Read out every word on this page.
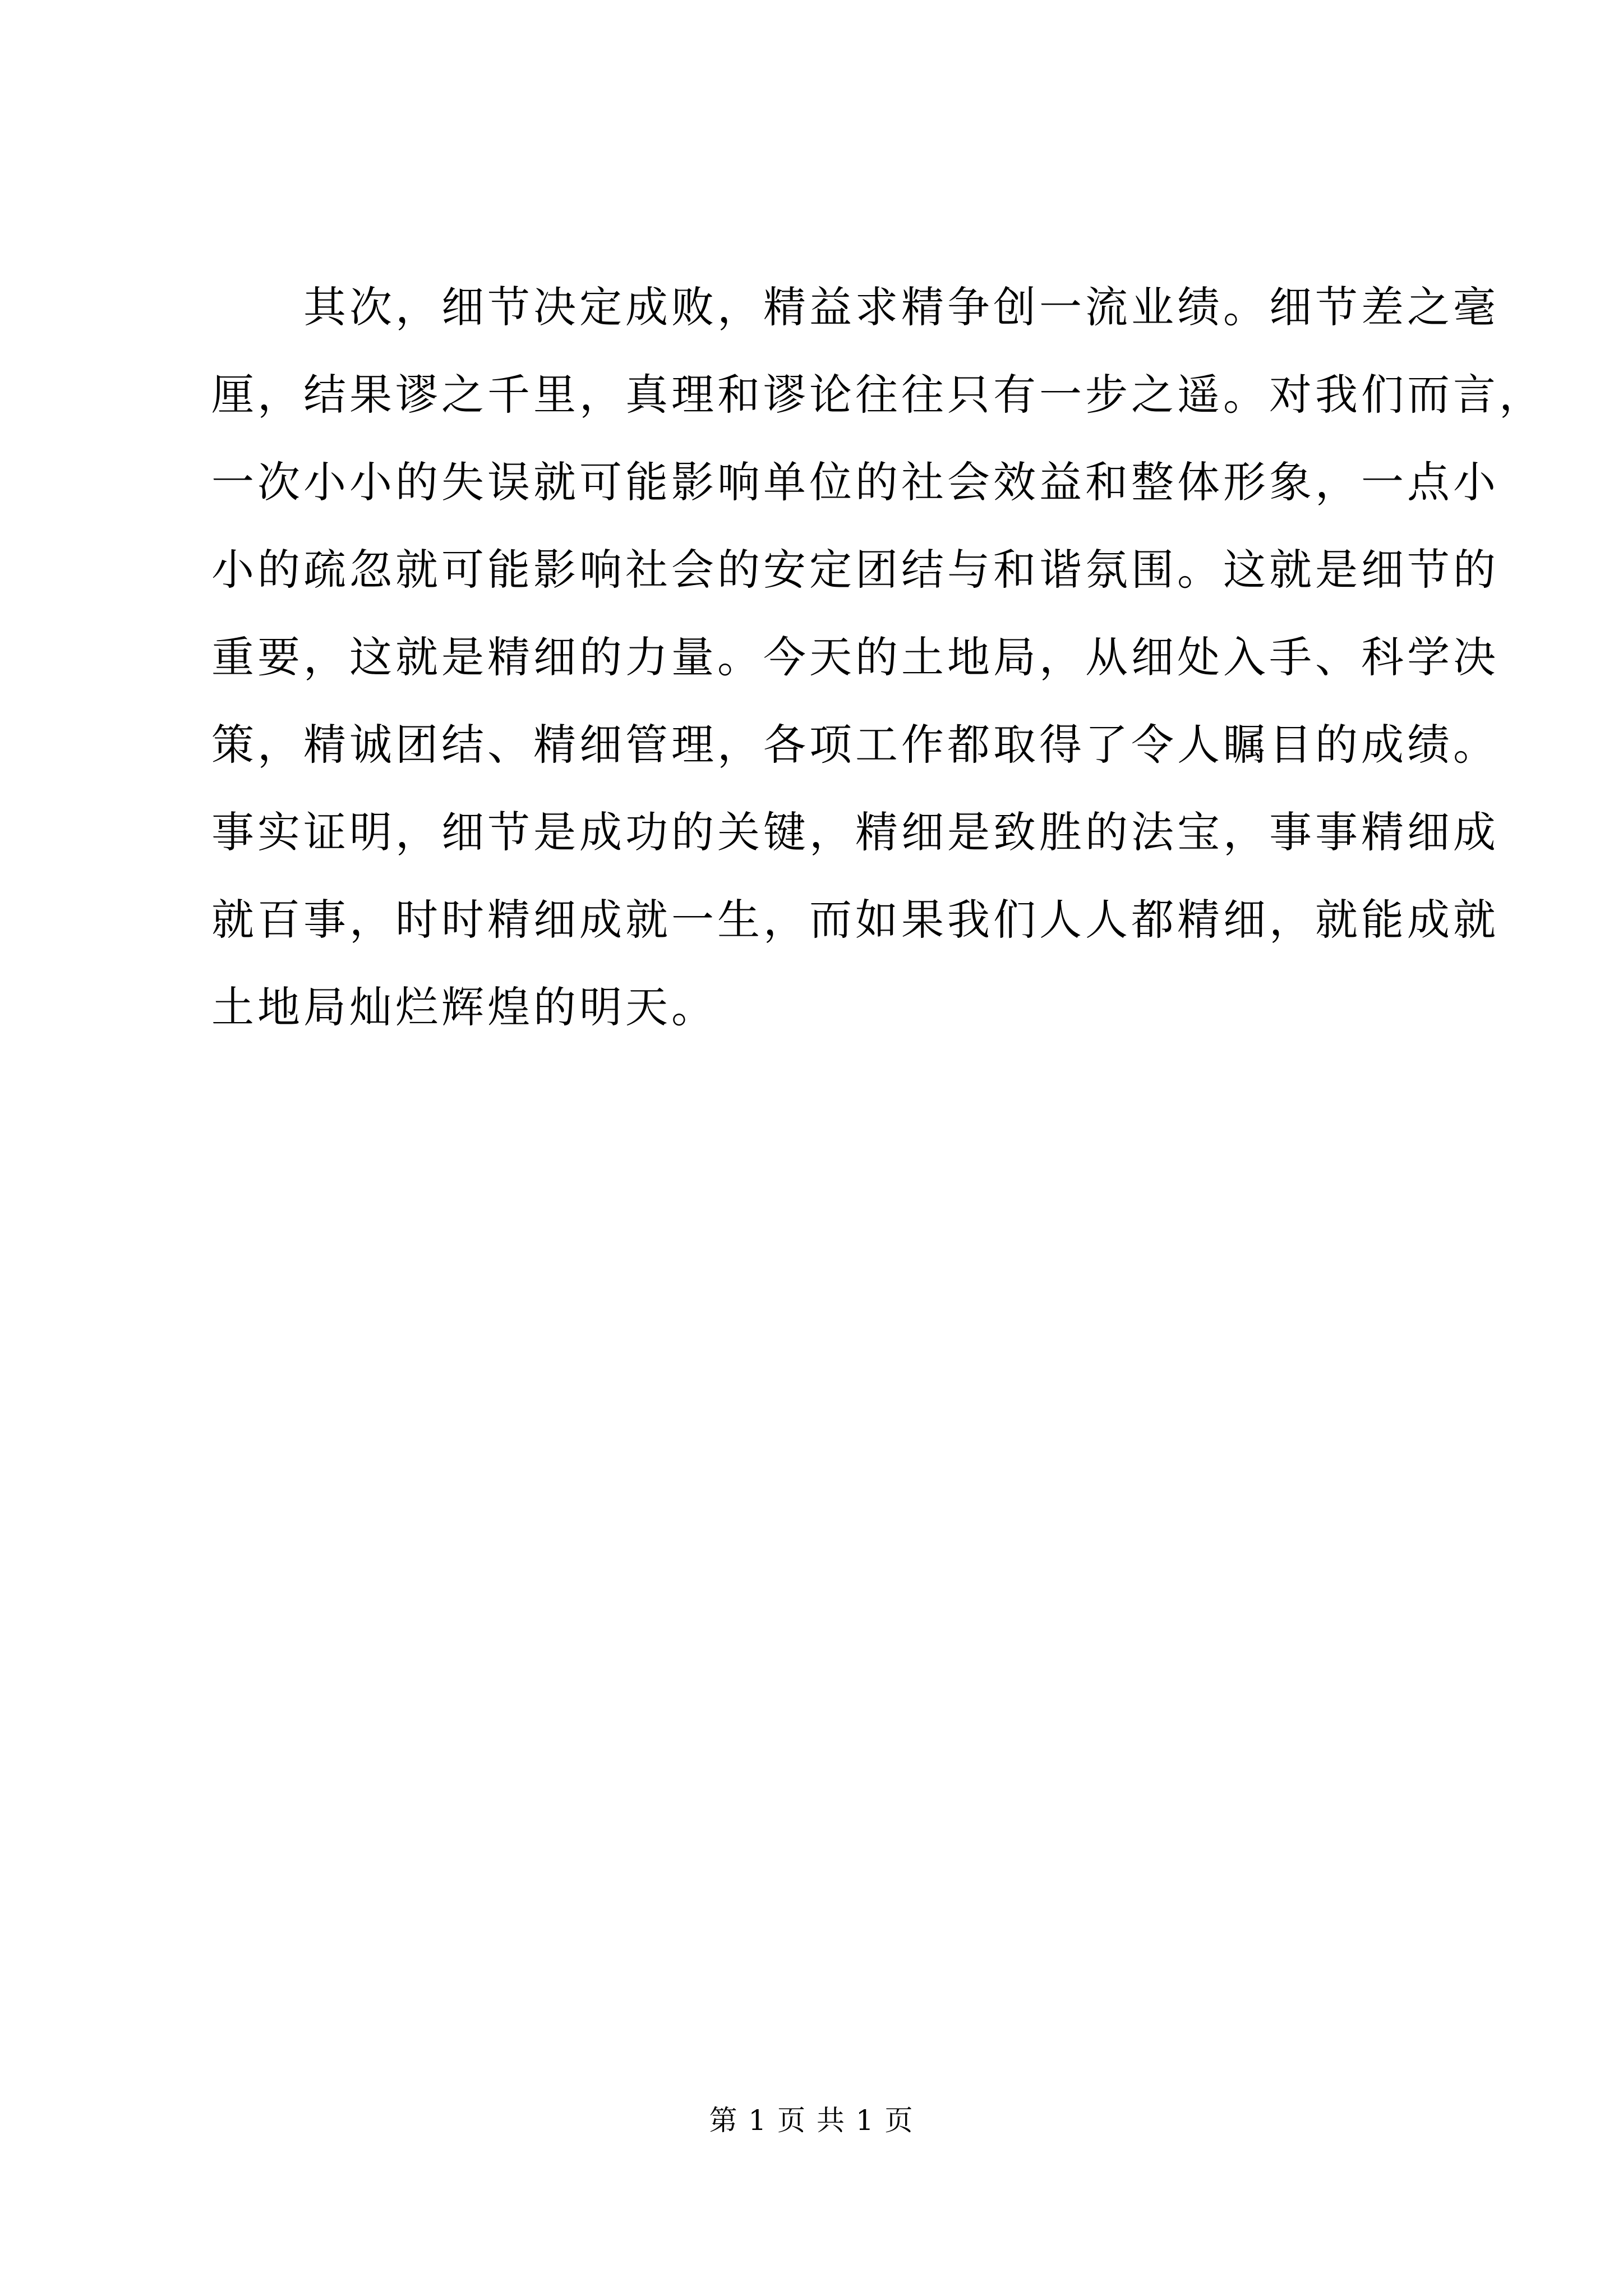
　　其次，细节决定成败，精益求精争创一流业绩。细节差之毫
厘，结果谬之千里，真理和谬论往往只有一步之遥。对我们而言，
一次小小的失误就可能影响单位的社会效益和整体形象，一点小
小的疏忽就可能影响社会的安定团结与和谐氛围。这就是细节的
重要，这就是精细的力量。今天的土地局，从细处入手、科学决
策，精诚团结、精细管理，各项工作都取得了令人瞩目的成绩。
事实证明，细节是成功的关键，精细是致胜的法宝，事事精细成
就百事，时时精细成就一生，而如果我们人人都精细，就能成就
土地局灿烂辉煌的明天。
第 1 页 共 1 页
